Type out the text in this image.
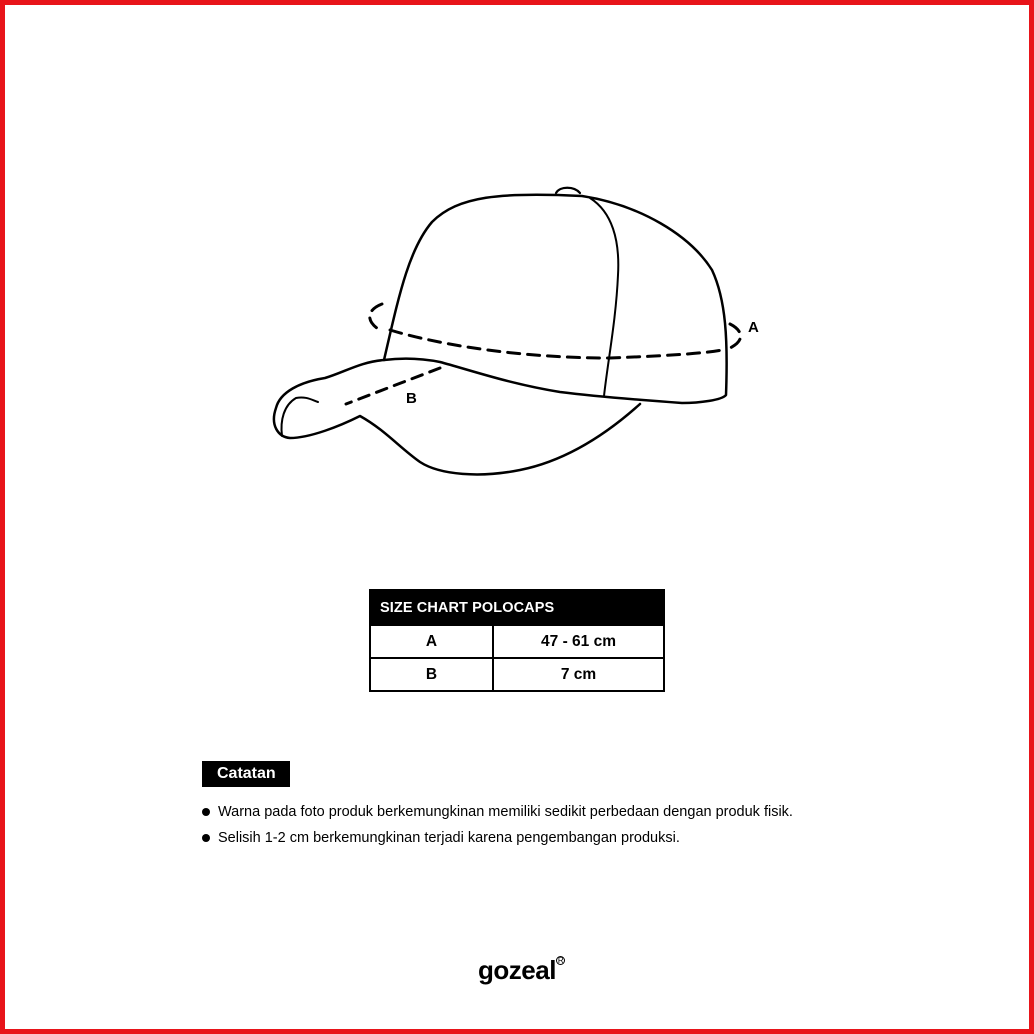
A
B
SIZE CHART POLOCAPS	
A	47 - 61 cm
B	7 cm
Catatan
Warna pada foto produk berkemungkinan memiliki sedikit perbedaan dengan produk fisik.
Selisih 1-2 cm berkemungkinan terjadi karena pengembangan produksi.
gozeal R
